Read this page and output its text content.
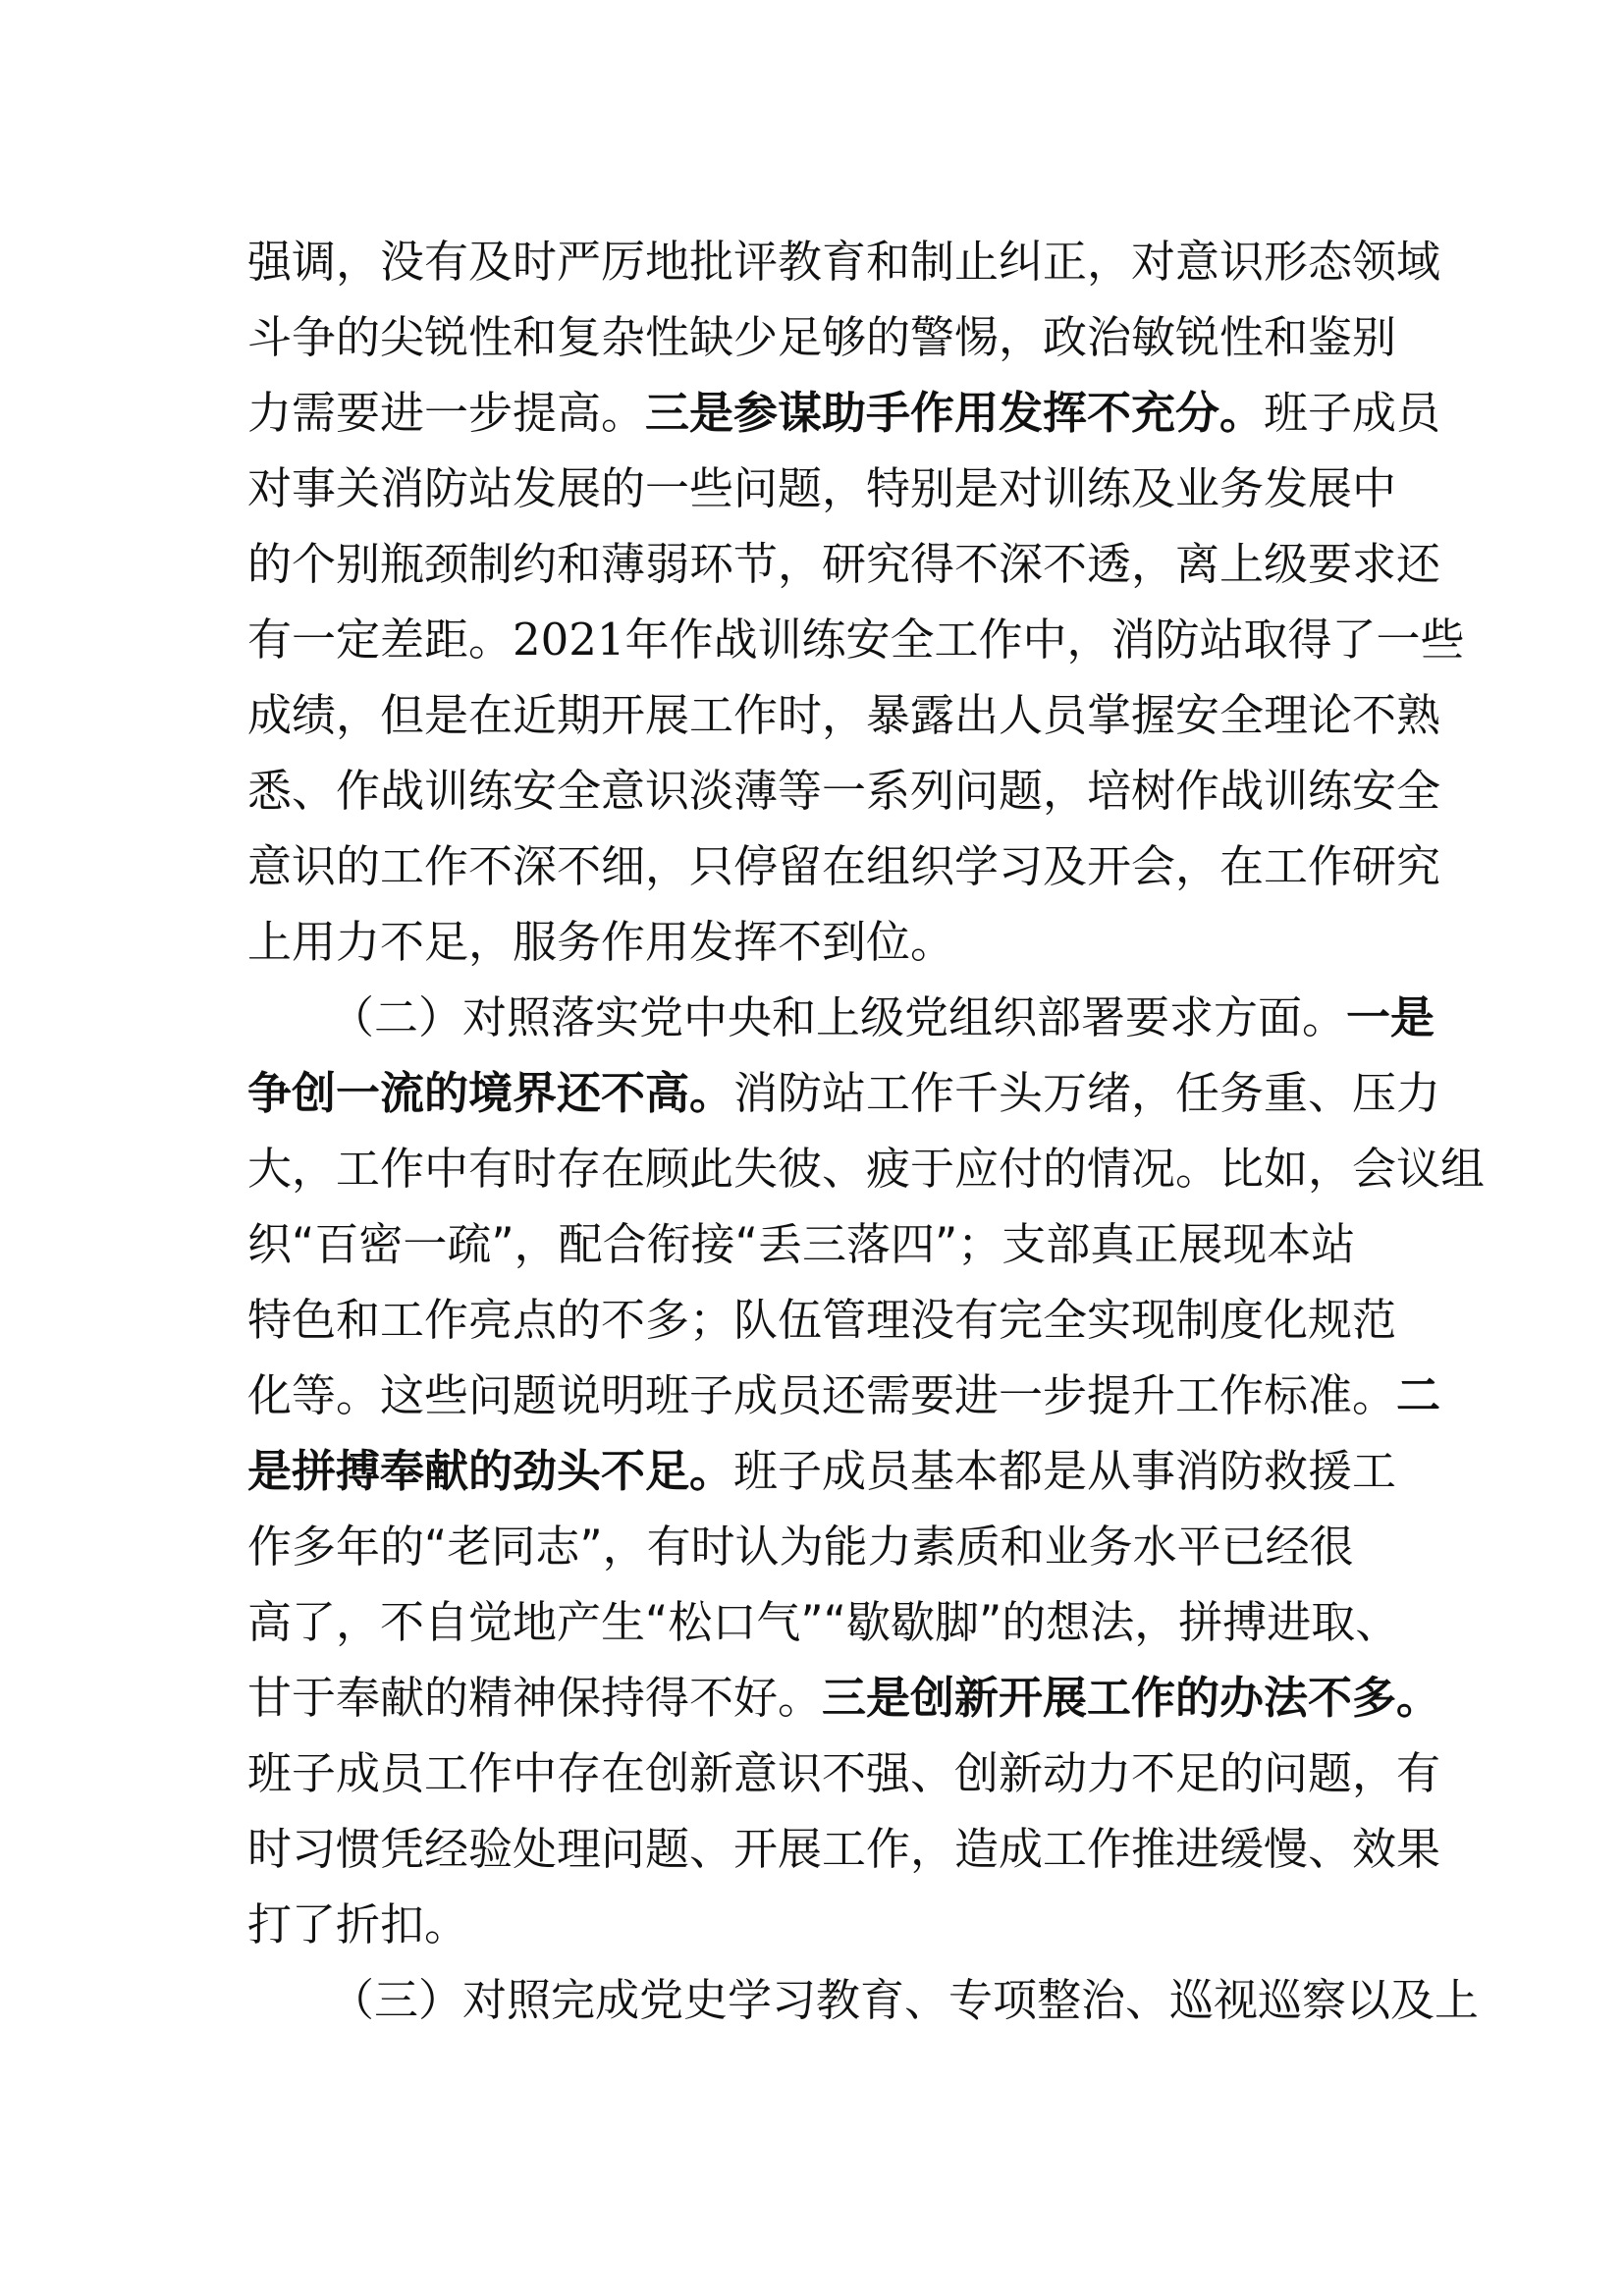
强调，没有及时严厉地批评教育和制止纠正，对意识形态领域
斗争的尖锐性和复杂性缺少足够的警惕，政治敏锐性和鉴别
力需要进一步提高。三是参谋助手作用发挥不充分。班子成员
对事关消防站发展的一些问题，特别是对训练及业务发展中
的个别瓶颈制约和薄弱环节，研究得不深不透，离上级要求还
有一定差距。2021年作战训练安全工作中，消防站取得了一些
成绩，但是在近期开展工作时，暴露出人员掌握安全理论不熟
悉、作战训练安全意识淡薄等一系列问题，培树作战训练安全
意识的工作不深不细，只停留在组织学习及开会，在工作研究
上用力不足，服务作用发挥不到位。
（二）对照落实党中央和上级党组织部署要求方面。一是
争创一流的境界还不高。消防站工作千头万绪，任务重、压力
大，工作中有时存在顾此失彼、疲于应付的情况。比如，会议组
织“百密一疏”，配合衔接“丢三落四”；支部真正展现本站
特色和工作亮点的不多；队伍管理没有完全实现制度化规范
化等。这些问题说明班子成员还需要进一步提升工作标准。二
是拼搏奉献的劲头不足。班子成员基本都是从事消防救援工
作多年的“老同志”，有时认为能力素质和业务水平已经很
高了，不自觉地产生“松口气”“歇歇脚”的想法，拼搏进取、
甘于奉献的精神保持得不好。三是创新开展工作的办法不多。
班子成员工作中存在创新意识不强、创新动力不足的问题，有
时习惯凭经验处理问题、开展工作，造成工作推进缓慢、效果
打了折扣。
（三）对照完成党史学习教育、专项整治、巡视巡察以及上
